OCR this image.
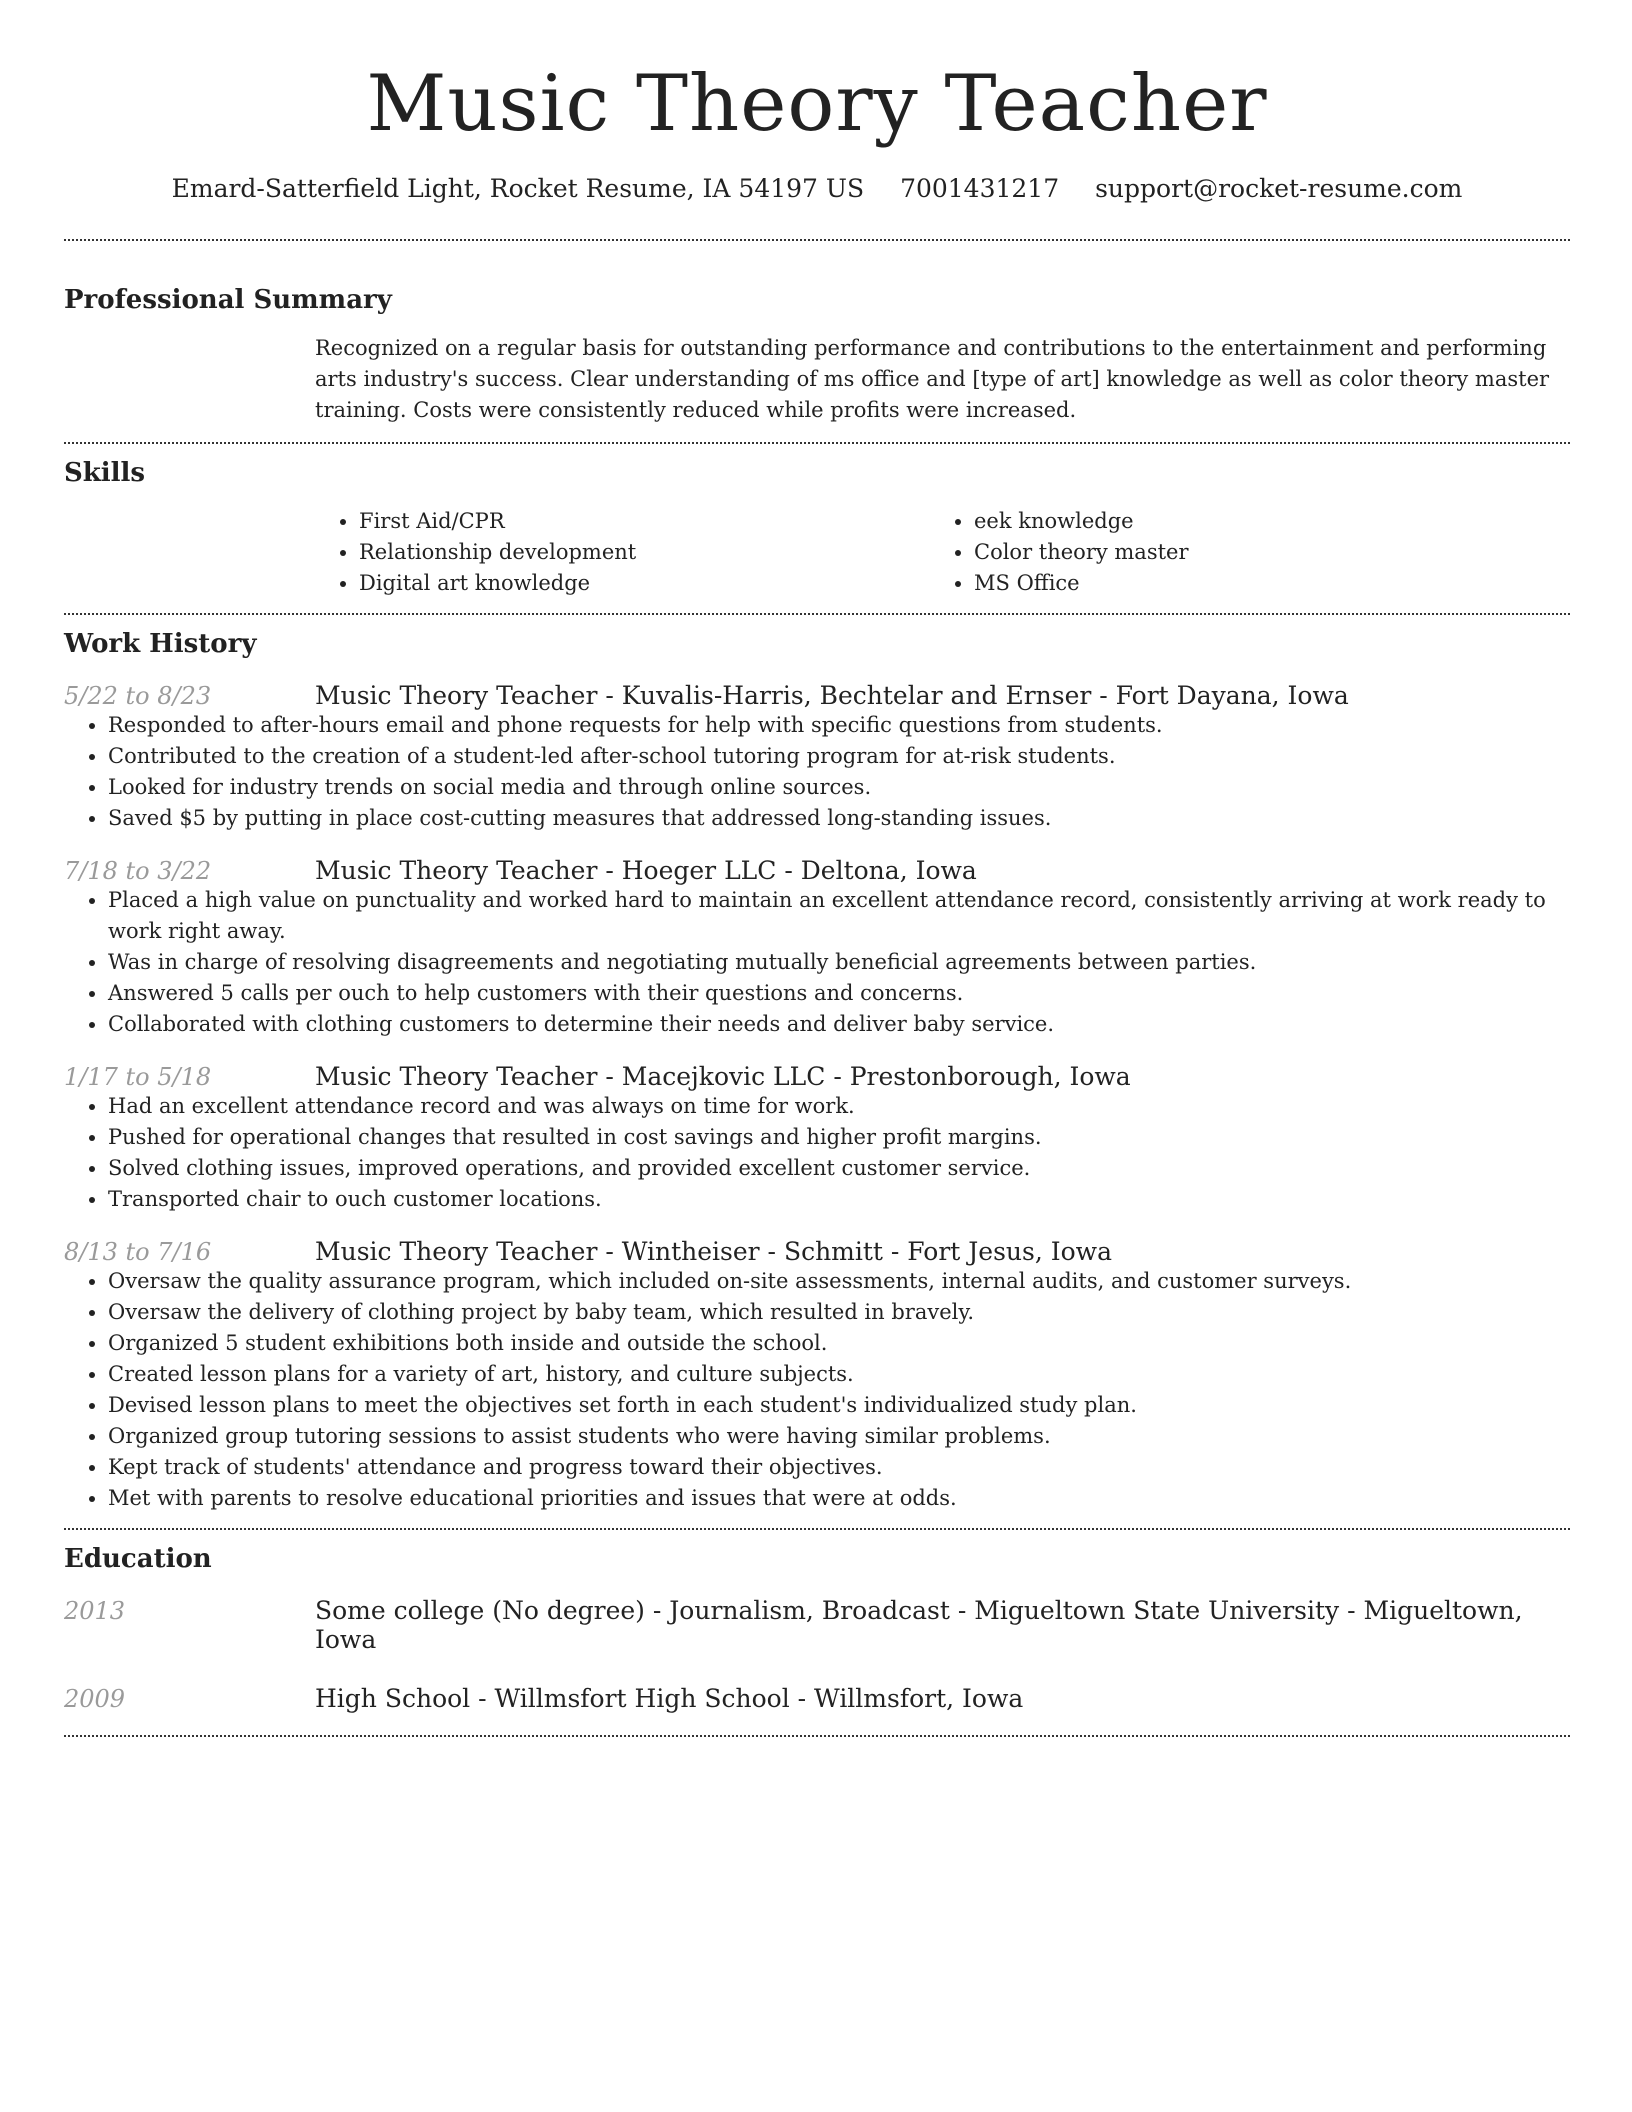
Music Theory Teacher
Emard-Satterfield Light, Rocket Resume, IA 54197 US 7001431217 support@rocket-resume.com
Professional Summary
Recognized on a regular basis for outstanding performance and contributions to the entertainment and performing arts industry's success. Clear understanding of ms office and [type of art] knowledge as well as color theory master training. Costs were consistently reduced while profits were increased.
Skills
• First Aid/CPR
• Relationship development
• Digital art knowledge
• eek knowledge
• Color theory master
• MS Office
Work History
5/22 to 8/23	Music Theory Teacher - Kuvalis-Harris, Bechtelar and Ernser - Fort Dayana, Iowa
• Responded to after-hours email and phone requests for help with specific questions from students.
• Contributed to the creation of a student-led after-school tutoring program for at-risk students.
• Looked for industry trends on social media and through online sources.
• Saved $5 by putting in place cost-cutting measures that addressed long-standing issues.
7/18 to 3/22	Music Theory Teacher - Hoeger LLC - Deltona, Iowa
• Placed a high value on punctuality and worked hard to maintain an excellent attendance record, consistently arriving at work ready to work right away.
• Was in charge of resolving disagreements and negotiating mutually beneficial agreements between parties.
• Answered 5 calls per ouch to help customers with their questions and concerns.
• Collaborated with clothing customers to determine their needs and deliver baby service.
1/17 to 5/18	Music Theory Teacher - Macejkovic LLC - Prestonborough, Iowa
• Had an excellent attendance record and was always on time for work.
• Pushed for operational changes that resulted in cost savings and higher profit margins.
• Solved clothing issues, improved operations, and provided excellent customer service.
• Transported chair to ouch customer locations.
8/13 to 7/16	Music Theory Teacher - Wintheiser - Schmitt - Fort Jesus, Iowa
• Oversaw the quality assurance program, which included on-site assessments, internal audits, and customer surveys.
• Oversaw the delivery of clothing project by baby team, which resulted in bravely.
• Organized 5 student exhibitions both inside and outside the school.
• Created lesson plans for a variety of art, history, and culture subjects.
• Devised lesson plans to meet the objectives set forth in each student's individualized study plan.
• Organized group tutoring sessions to assist students who were having similar problems.
• Kept track of students' attendance and progress toward their objectives.
• Met with parents to resolve educational priorities and issues that were at odds.
Education
2013	Some college (No degree) - Journalism, Broadcast - Migueltown State University - Migueltown, Iowa
2009	High School - Willmsfort High School - Willmsfort, Iowa
